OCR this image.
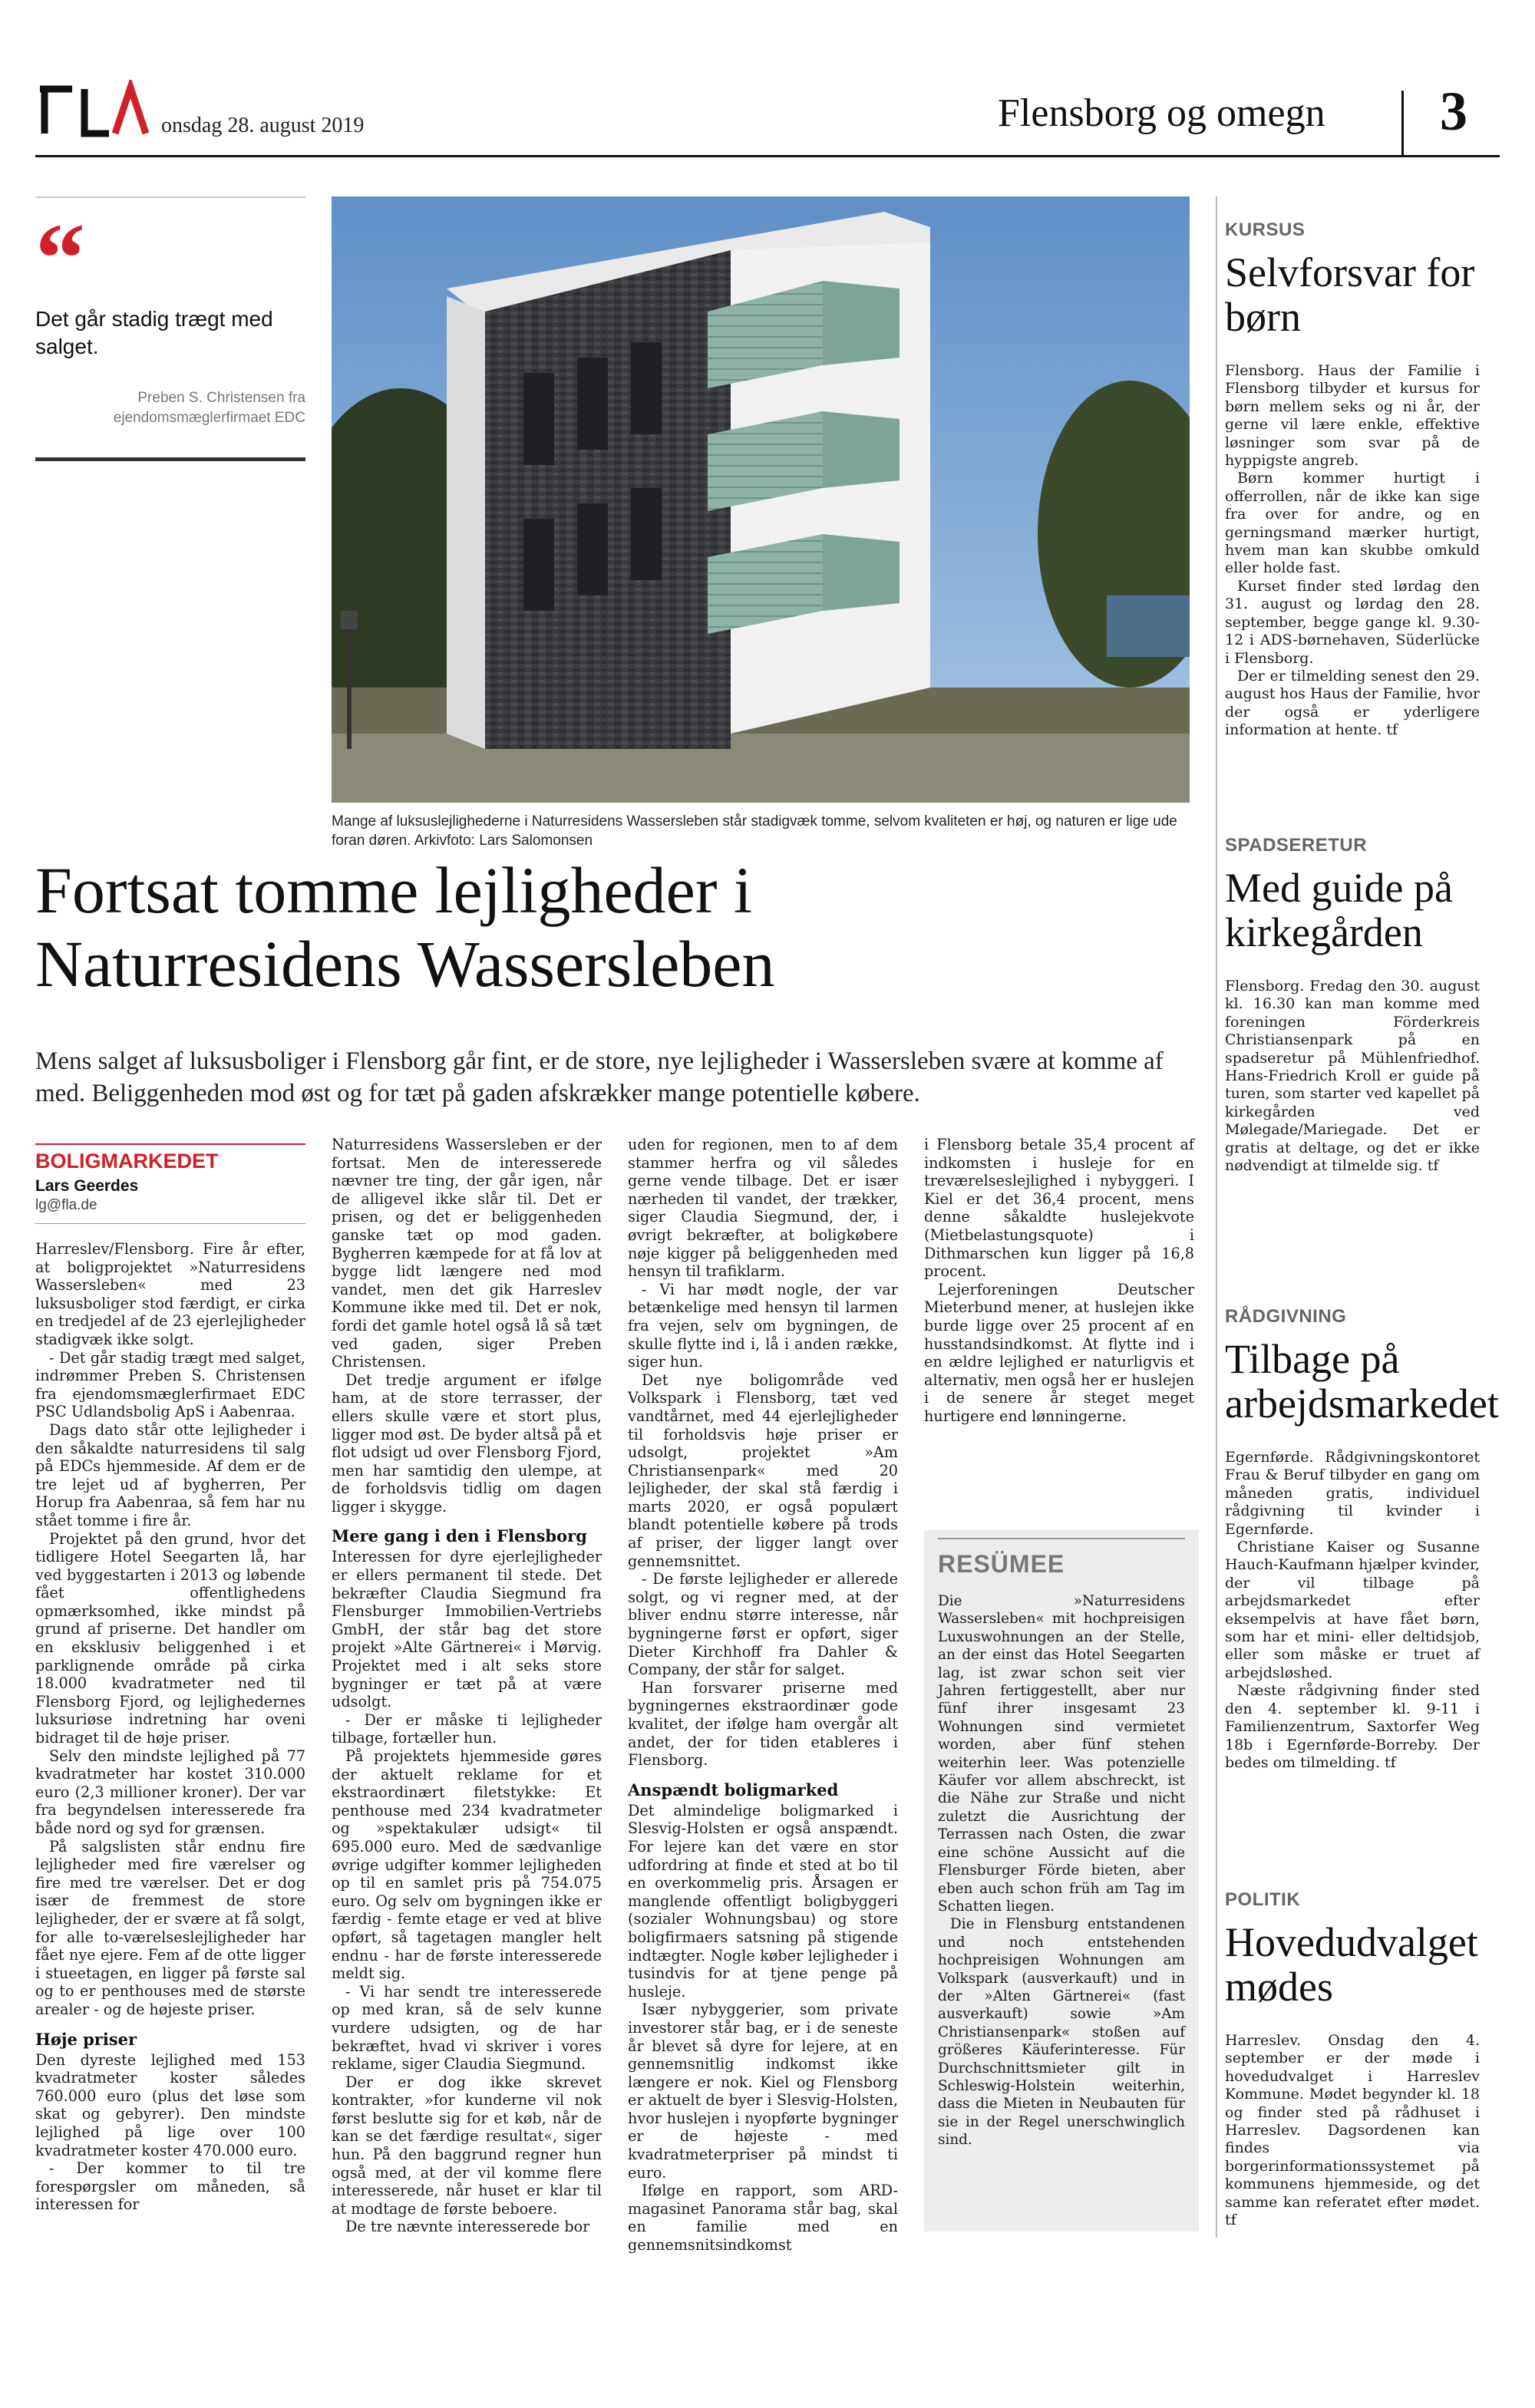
onsdag 28. august 2019	Flensborg og omegn 3
“
Det går stadig trægt med salget.
Preben S. Christensen fra ejendomsmæglerfirmaet EDC
Mange af luksuslejlighederne i Naturresidens Wassersleben står stadigvæk tomme, selvom kvaliteten er høj, og naturen er lige ude foran døren. Arkivfoto: Lars Salomonsen
Fortsat tomme lejligheder i
Naturresidens Wassersleben
Mens salget af luksusboliger i Flensborg går fint, er de store, nye lejligheder i Wassersleben svære at komme af med. Beliggenheden mod øst og for tæt på gaden afskrækker mange potentielle købere.
BOLIGMARKEDET
Lars Geerdes
lg@fla.de

Harreslev/Flensborg. Fire år efter, at boligprojektet »Naturresidens Wassersleben« med 23 luksusboliger stod færdigt, er cirka en tredjedel af de 23 ejerlejligheder stadigvæk ikke solgt.

- Det går stadig trægt med salget, indrømmer Preben S. Christensen fra ejendomsmæglerfirmaet EDC PSC Udlandsbolig ApS i Aabenraa.

Dags dato står otte lejligheder i den såkaldte naturresidens til salg på EDCs hjemmeside. Af dem er de tre lejet ud af bygherren, Per Horup fra Aabenraa, så fem har nu stået tomme i fire år.

Projektet på den grund, hvor det tidligere Hotel Seegarten lå, har ved byggestarten i 2013 og løbende fået offentlighedens opmærksomhed, ikke mindst på grund af priserne. Det handler om en eksklusiv beliggenhed i et parklignende område på cirka 18.000 kvadratmeter ned til Flensborg Fjord, og lejlighedernes luksuriøse indretning har oveni bidraget til de høje priser.

Selv den mindste lejlighed på 77 kvadratmeter har kostet 310.000 euro (2,3 millioner kroner). Der var fra begyndelsen interesserede fra både nord og syd for grænsen.

På salgslisten står endnu fire lejligheder med fire værelser og fire med tre værelser. Det er dog især de fremmest de store lejligheder, der er svære at få solgt, for alle to-værelseslejligheder har fået nye ejere. Fem af de otte ligger i stueetagen, en ligger på første sal og to er penthouses med de største arealer - og de højeste priser.

Høje priser

Den dyreste lejlighed med 153 kvadratmeter koster således 760.000 euro (plus det løse som skat og gebyrer). Den mindste lejlighed på lige over 100 kvadratmeter koster 470.000 euro.

- Der kommer to til tre forespørgsler om måneden, så interessen for

Naturresidens Wassersleben er der fortsat. Men de interesserede nævner tre ting, der går igen, når de alligevel ikke slår til. Det er prisen, og det er beliggenheden ganske tæt op mod gaden. Bygherren kæmpede for at få lov at bygge lidt længere ned mod vandet, men det gik Harreslev Kommune ikke med til. Det er nok, fordi det gamle hotel også lå så tæt ved gaden, siger Preben Christensen.

Det tredje argument er ifølge ham, at de store terrasser, der ellers skulle være et stort plus, ligger mod øst. De byder altså på et flot udsigt ud over Flensborg Fjord, men har samtidig den ulempe, at de forholdsvis tidlig om dagen ligger i skygge.

Mere gang i den i Flensborg

Interessen for dyre ejerlejligheder er ellers permanent til stede. Det bekræfter Claudia Siegmund fra Flensburger Immobilien-Vertriebs GmbH, der står bag det store projekt »Alte Gärtnerei« i Mørvig. Projektet med i alt seks store bygninger er tæt på at være udsolgt.

- Der er måske ti lejligheder tilbage, fortæller hun.

På projektets hjemmeside gøres der aktuelt reklame for et ekstraordinært filetstykke: Et penthouse med 234 kvadratmeter og »spektakulær udsigt« til 695.000 euro. Med de sædvanlige øvrige udgifter kommer lejligheden op til en samlet pris på 754.075 euro. Og selv om bygningen ikke er færdig - femte etage er ved at blive opført, så tagetagen mangler helt endnu - har de første interesserede meldt sig.

- Vi har sendt tre interesserede op med kran, så de selv kunne vurdere udsigten, og de har bekræftet, hvad vi skriver i vores reklame, siger Claudia Siegmund.

Der er dog ikke skrevet kontrakter, »for kunderne vil nok først beslutte sig for et køb, når de kan se det færdige resultat«, siger hun. På den baggrund regner hun også med, at der vil komme flere interesserede, når huset er klar til at modtage de første beboere.

De tre nævnte interesserede bor

uden for regionen, men to af dem stammer herfra og vil således gerne vende tilbage. Det er især nærheden til vandet, der trækker, siger Claudia Siegmund, der, i øvrigt bekræfter, at boligkøbere nøje kigger på beliggenheden med hensyn til trafiklarm.

- Vi har mødt nogle, der var betænkelige med hensyn til larmen fra vejen, selv om bygningen, de skulle flytte ind i, lå i anden række, siger hun.

Det nye boligområde ved Volkspark i Flensborg, tæt ved vandtårnet, med 44 ejerlejligheder til forholdsvis høje priser er udsolgt, projektet »Am Christiansenpark« med 20 lejligheder, der skal stå færdig i marts 2020, er også populært blandt potentielle købere på trods af priser, der ligger langt over gennemsnittet.

- De første lejligheder er allerede solgt, og vi regner med, at der bliver endnu større interesse, når bygningerne først er opført, siger Dieter Kirchhoff fra Dahler & Company, der står for salget.

Han forsvarer priserne med bygningernes ekstraordinær gode kvalitet, der ifølge ham overgår alt andet, der for tiden etableres i Flensborg.

Anspændt boligmarked

Det almindelige boligmarked i Slesvig-Holsten er også anspændt. For lejere kan det være en stor udfordring at finde et sted at bo til en overkommelig pris. Årsagen er manglende offentligt boligbyggeri (sozialer Wohnungsbau) og store boligfirmaers satsning på stigende indtægter. Nogle køber lejligheder i tusindvis for at tjene penge på husleje.

Især nybyggerier, som private investorer står bag, er i de seneste år blevet så dyre for lejere, at en gennemsnitlig indkomst ikke længere er nok. Kiel og Flensborg er aktuelt de byer i Slesvig-Holsten, hvor huslejen i nyopførte bygninger er de højeste - med kvadratmeterpriser på mindst ti euro.

Ifølge en rapport, som ARD-magasinet Panorama står bag, skal en familie med en gennemsnitsindkomst

i Flensborg betale 35,4 procent af indkomsten i husleje for en treværelseslejlighed i nybyggeri. I Kiel er det 36,4 procent, mens denne såkaldte huslejekvote (Mietbelastungsquote) i Dithmarschen kun ligger på 16,8 procent.

Lejerforeningen Deutscher Mieterbund mener, at huslejen ikke burde ligge over 25 procent af en husstandsindkomst. At flytte ind i en ældre lejlighed er naturligvis et alternativ, men også her er huslejen i de senere år steget meget hurtigere end lønningerne.

RESÜMEE

Die »Naturresidens Wassersleben« mit hochpreisigen Luxuswohnungen an der Stelle, an der einst das Hotel Seegarten lag, ist zwar schon seit vier Jahren fertiggestellt, aber nur fünf ihrer insgesamt 23 Wohnungen sind vermietet worden, aber fünf stehen weiterhin leer. Was potenzielle Käufer vor allem abschreckt, ist die Nähe zur Straße und nicht zuletzt die Ausrichtung der Terrassen nach Osten, die zwar eine schöne Aussicht auf die Flensburger Förde bieten, aber eben auch schon früh am Tag im Schatten liegen.

Die in Flensburg entstandenen und noch entstehenden hochpreisigen Wohnungen am Volkspark (ausverkauft) und in der »Alten Gärtnerei« (fast ausverkauft) sowie »Am Christiansenpark« stoßen auf größeres Käuferinteresse. Für Durchschnittsmieter gilt in Schleswig-Holstein weiterhin, dass die Mieten in Neubauten für sie in der Regel unerschwinglich sind.

KURSUS
Selvforsvar for børn

Flensborg. Haus der Familie i Flensborg tilbyder et kursus for børn mellem seks og ni år, der gerne vil lære enkle, effektive løsninger som svar på de hyppigste angreb.

Børn kommer hurtigt i offerrollen, når de ikke kan sige fra over for andre, og en gerningsmand mærker hurtigt, hvem man kan skubbe omkuld eller holde fast.

Kurset finder sted lørdag den 31. august og lørdag den 28. september, begge gange kl. 9.30-12 i ADS-børnehaven, Süderlücke i Flensborg.

Der er tilmelding senest den 29. august hos Haus der Familie, hvor der også er yderligere information at hente. tf

SPADSERETUR
Med guide på kirkegården

Flensborg. Fredag den 30. august kl. 16.30 kan man komme med foreningen Förderkreis Christiansenpark på en spadseretur på Mühlenfriedhof. Hans-Friedrich Kroll er guide på turen, som starter ved kapellet på kirkegården ved Mølegade/Mariegade. Det er gratis at deltage, og det er ikke nødvendigt at tilmelde sig. tf

RÅDGIVNING
Tilbage på arbejdsmarkedet

Egernførde. Rådgivningskontoret Frau & Beruf tilbyder en gang om måneden gratis, individuel rådgivning til kvinder i Egernførde.

Christiane Kaiser og Susanne Hauch-Kaufmann hjælper kvinder, der vil tilbage på arbejdsmarkedet efter eksempelvis at have fået børn, som har et mini- eller deltidsjob, eller som måske er truet af arbejdsløshed.

Næste rådgivning finder sted den 4. september kl. 9-11 i Familienzentrum, Saxtorfer Weg 18b i Egernførde-Borreby. Der bedes om tilmelding. tf

POLITIK
Hovedudvalget mødes

Harreslev. Onsdag den 4. september er der møde i hovedudvalget i Harreslev Kommune. Mødet begynder kl. 18 og finder sted på rådhuset i Harreslev. Dagsordenen kan findes via borgerinformationssystemet på kommunens hjemmeside, og det samme kan referatet efter mødet. tf
